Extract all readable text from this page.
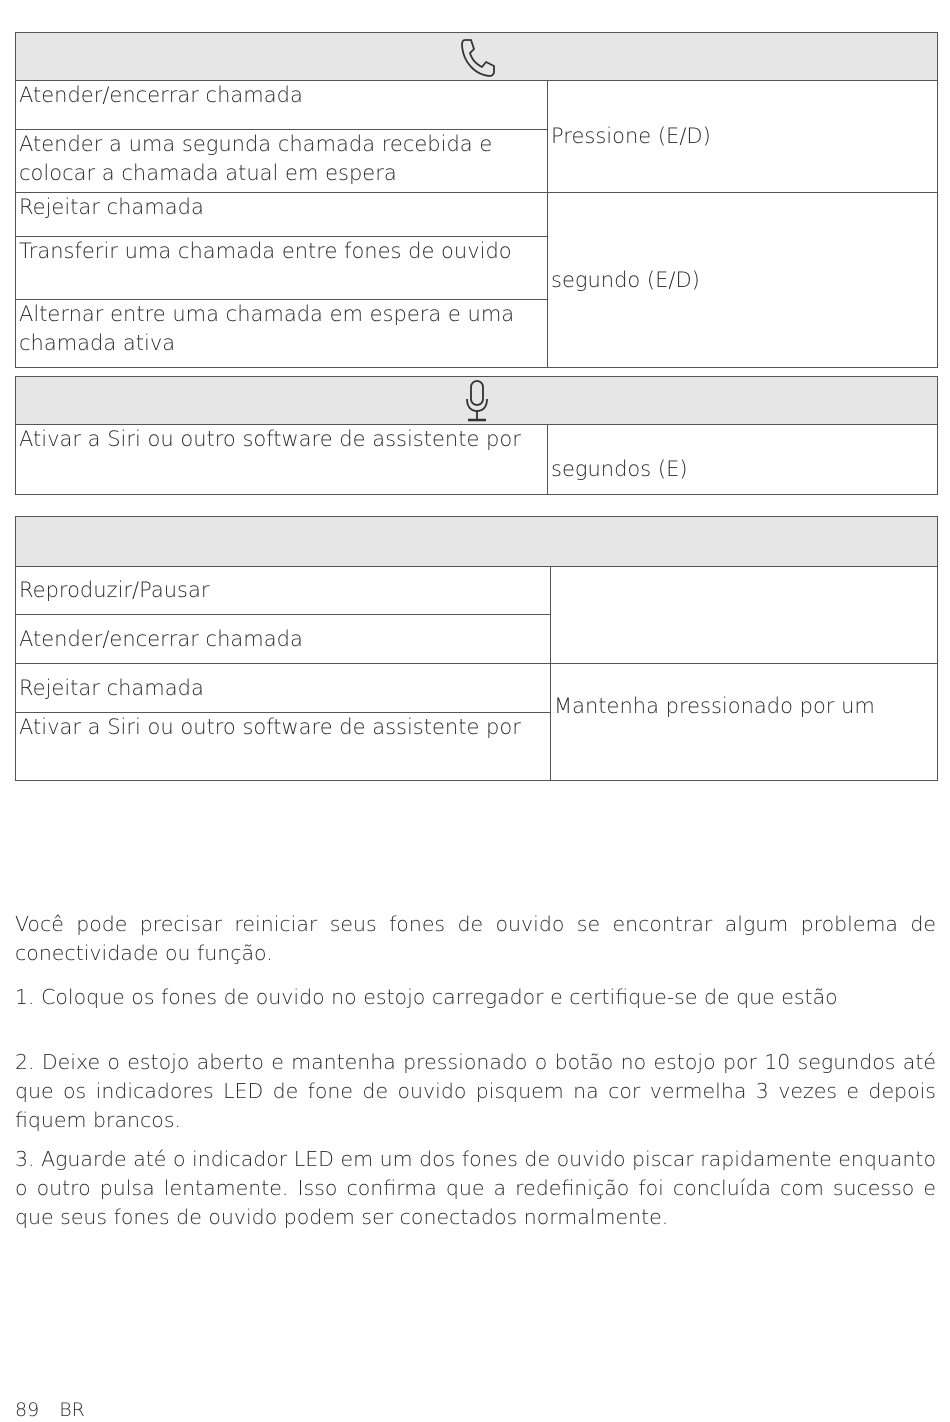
Atender/encerrar chamada	Pressione (E/D)
Atender a uma segunda chamada recebida e colocar a chamada atual em espera	
Rejeitar chamada	segundo (E/D)
Transferir uma chamada entre fones de ouvido	
Alternar entre uma chamada em espera e uma chamada ativa	

Ativar a Siri ou outro software de assistente por	segundos (E)

Reproduzir/Pausar	
Atender/encerrar chamada	
Rejeitar chamada	Mantenha pressionado por um
Ativar a Siri ou outro software de assistente por	

Você pode precisar reiniciar seus fones de ouvido se encontrar algum problema de conectividade ou função.

1. Coloque os fones de ouvido no estojo carregador e certifique-se de que estão

2. Deixe o estojo aberto e mantenha pressionado o botão no estojo por 10 segundos até que os indicadores LED de fone de ouvido pisquem na cor vermelha 3 vezes e depois fiquem brancos.

3. Aguarde até o indicador LED em um dos fones de ouvido piscar rapidamente enquanto o outro pulsa lentamente. Isso confirma que a redefinição foi concluída com sucesso e que seus fones de ouvido podem ser conectados normalmente.

89 BR
